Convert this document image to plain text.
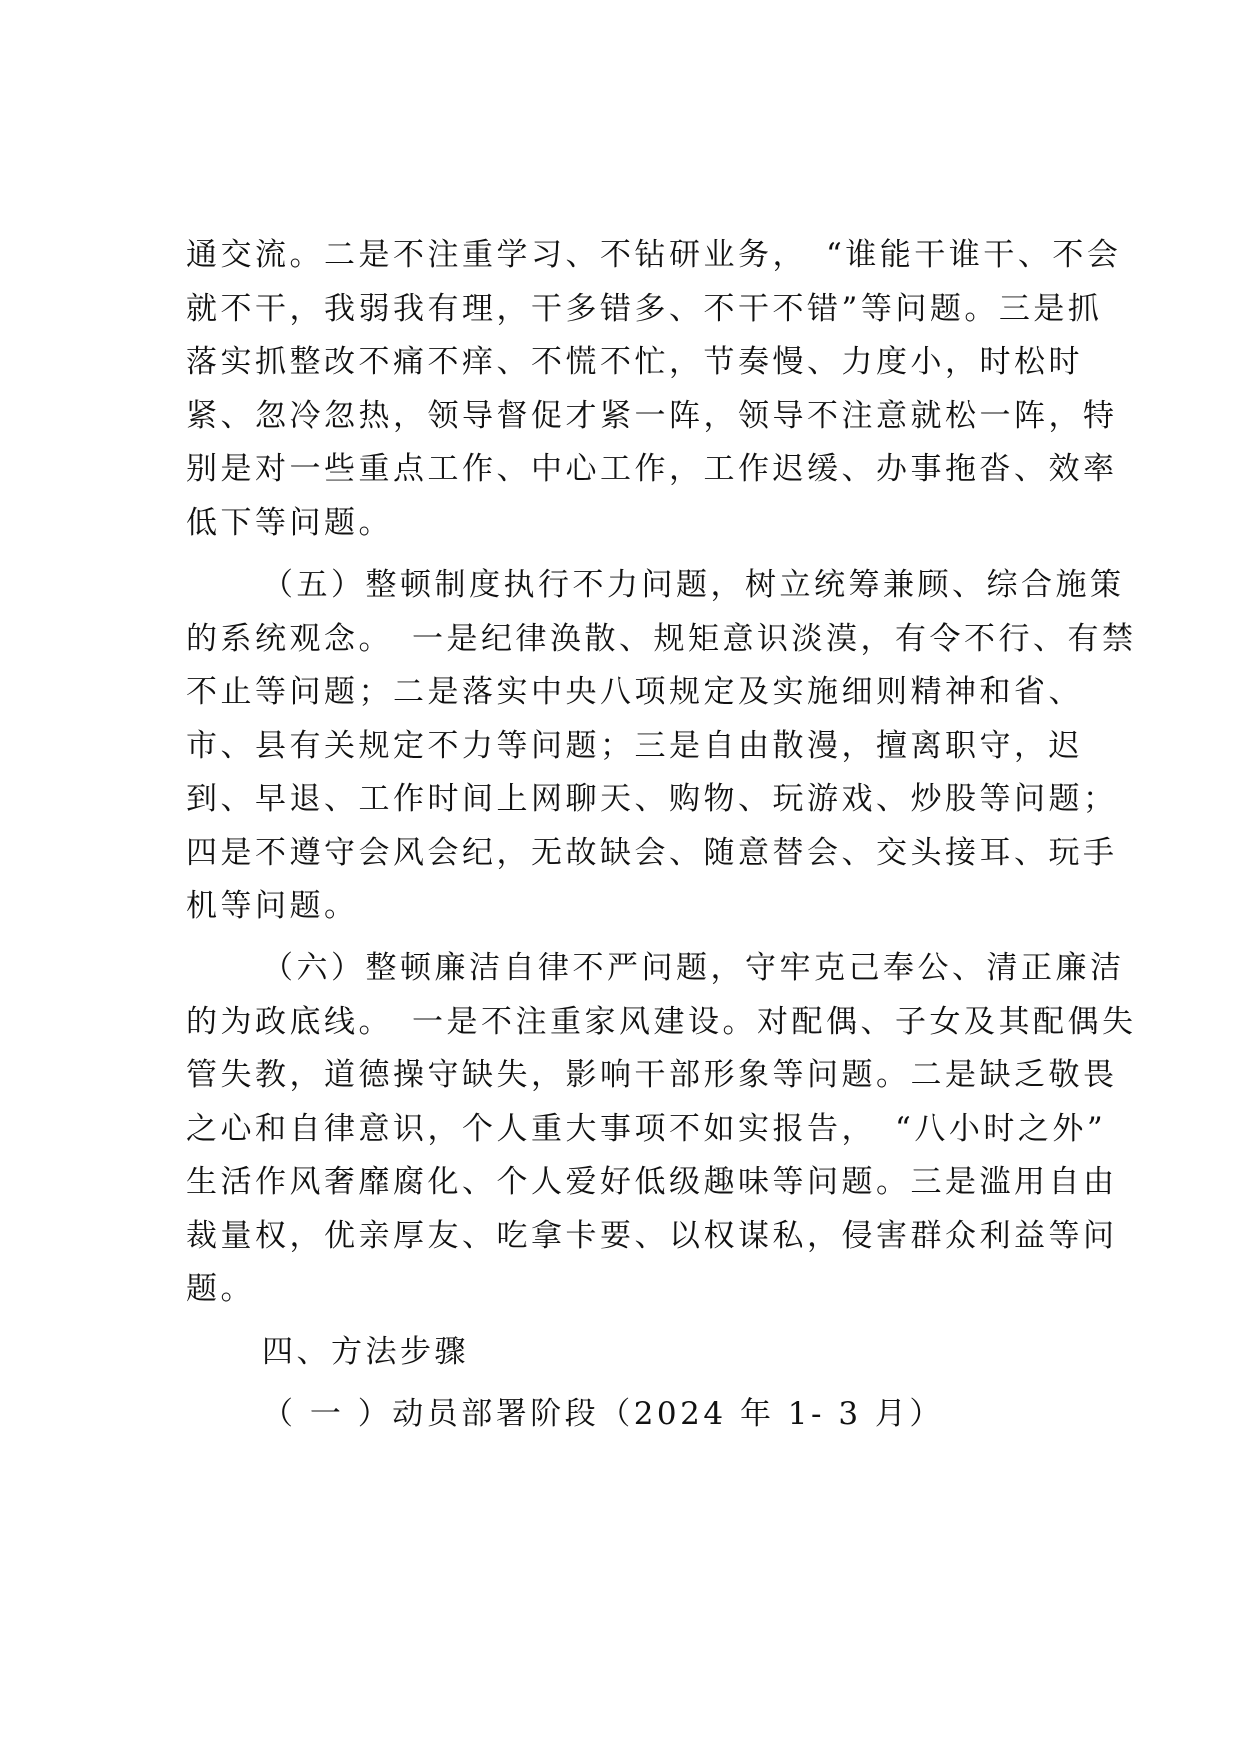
通交流。二是不注重学习、不钻研业务，　“谁能干谁干、不会
就不干，我弱我有理，干多错多、不干不错”等问题。三是抓
落实抓整改不痛不痒、不慌不忙，节奏慢、力度小，时松时
紧、忽冷忽热，领导督促才紧一阵，领导不注意就松一阵，特
别是对一些重点工作、中心工作，工作迟缓、办事拖沓、效率
低下等问题。
（五）整顿制度执行不力问题，树立统筹兼顾、综合施策
的系统观念。　一是纪律涣散、规矩意识淡漠，有令不行、有禁
不止等问题；二是落实中央八项规定及实施细则精神和省、
市、县有关规定不力等问题；三是自由散漫，擅离职守，迟
到、早退、工作时间上网聊天、购物、玩游戏、炒股等问题；
四是不遵守会风会纪，无故缺会、随意替会、交头接耳、玩手
机等问题。
（六）整顿廉洁自律不严问题，守牢克己奉公、清正廉洁
的为政底线。　一是不注重家风建设。对配偶、子女及其配偶失
管失教，道德操守缺失，影响干部形象等问题。二是缺乏敬畏
之心和自律意识，个人重大事项不如实报告，　“八小时之外”
生活作风奢靡腐化、个人爱好低级趣味等问题。三是滥用自由
裁量权，优亲厚友、吃拿卡要、以权谋私，侵害群众利益等问
题。
四、方法步骤
（ 一 ）动员部署阶段（2024 年 1- 3 月）
